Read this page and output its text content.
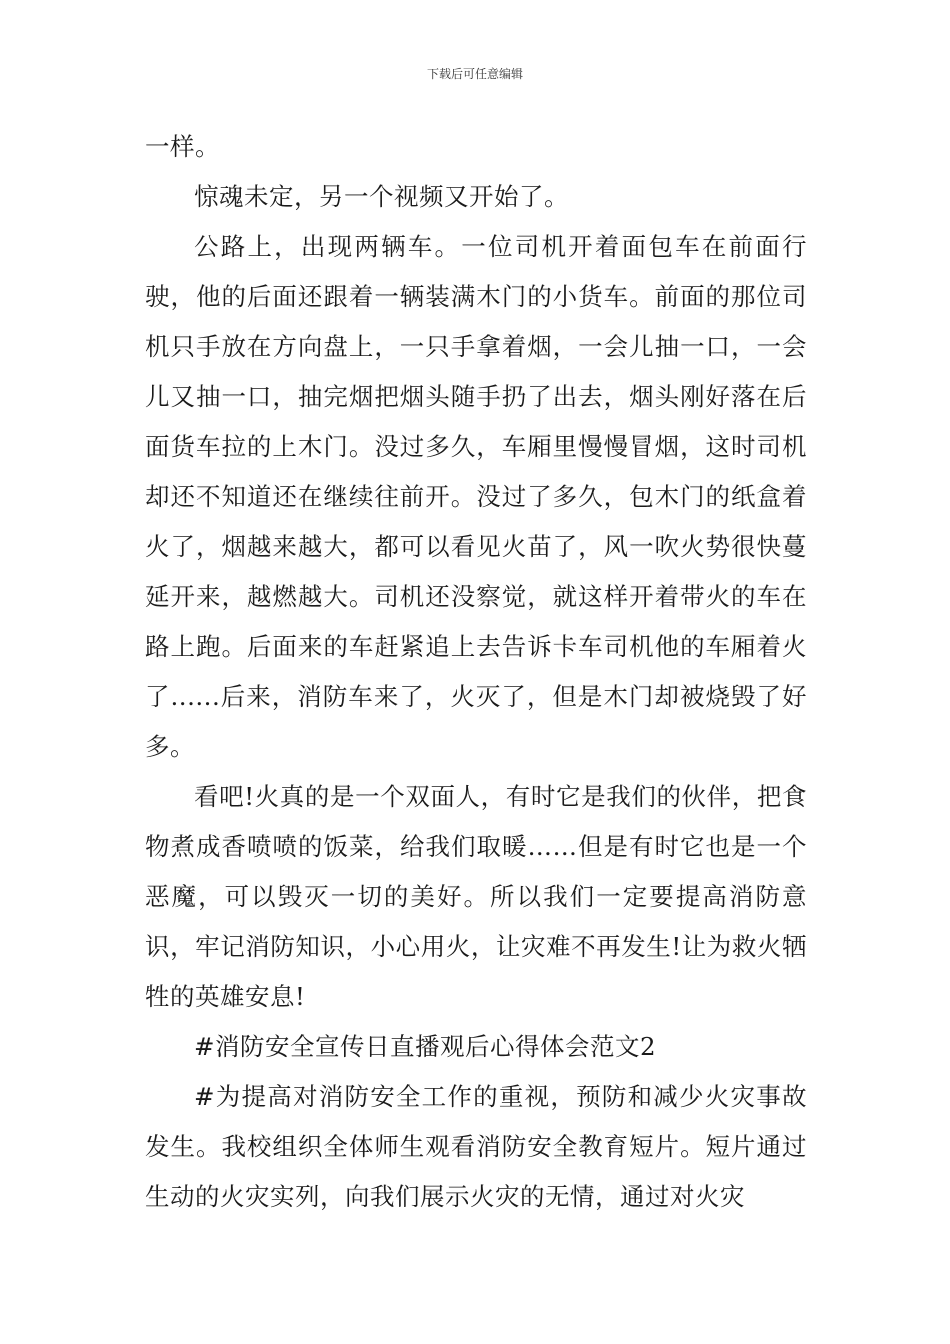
下载后可任意编辑

一样。

惊魂未定，另一个视频又开始了。

公路上，出现两辆车。一位司机开着面包车在前面行驶，他的后面还跟着一辆装满木门的小货车。前面的那位司机只手放在方向盘上，一只手拿着烟，一会儿抽一口，一会儿又抽一口，抽完烟把烟头随手扔了出去，烟头刚好落在后面货车拉的上木门。没过多久，车厢里慢慢冒烟，这时司机却还不知道还在继续往前开。没过了多久，包木门的纸盒着火了，烟越来越大，都可以看见火苗了，风一吹火势很快蔓延开来，越燃越大。司机还没察觉，就这样开着带火的车在路上跑。后面来的车赶紧追上去告诉卡车司机他的车厢着火了......后来，消防车来了，火灭了，但是木门却被烧毁了好多。

看吧!火真的是一个双面人，有时它是我们的伙伴，把食物煮成香喷喷的饭菜，给我们取暖……但是有时它也是一个恶魔，可以毁灭一切的美好。所以我们一定要提高消防意识，牢记消防知识，小心用火，让灾难不再发生!让为救火牺牲的英雄安息!

#消防安全宣传日直播观后心得体会范文2

#为提高对消防安全工作的重视，预防和减少火灾事故发生。我校组织全体师生观看消防安全教育短片。短片通过生动的火灾实列，向我们展示火灾的无情，通过对火灾
